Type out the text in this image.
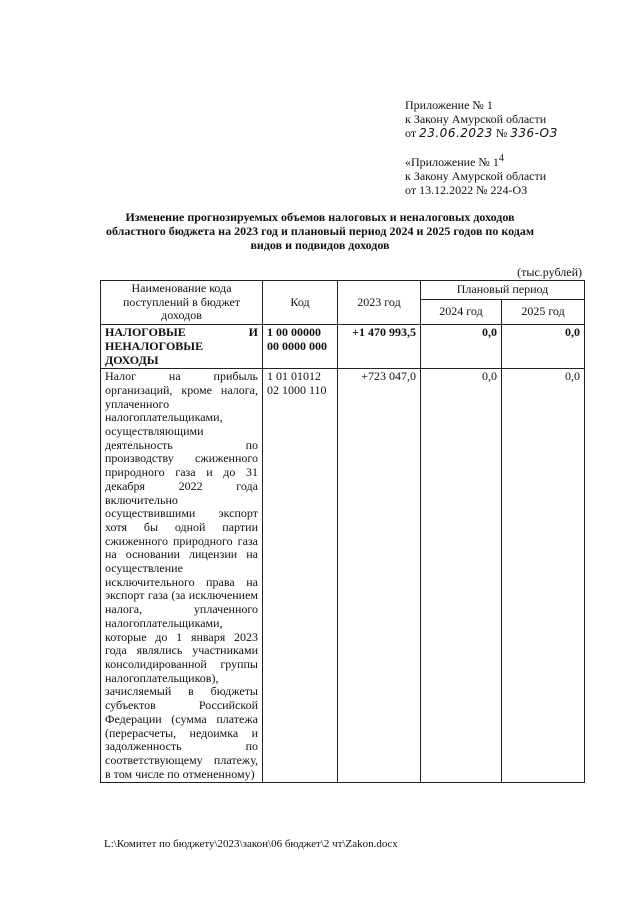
Приложение № 1
к Закону Амурской области
от 23.06.2023 № 336-ОЗ
«Приложение № $1^4$
к Закону Амурской области
от 13.12.2022 № 224-ОЗ
Изменение прогнозируемых объемов налоговых и неналоговых доходов областного бюджета на 2023 год и плановый период 2024 и 2025 годов по кодам видов и подвидов доходов
(тыс.рублей)
Наименование кода поступлений в бюджет доходов	Код	2023 год	Плановый период	
			2024 год	2025 год
НАЛОГОВЫЕ И НЕНАЛОГОВЫЕ ДОХОДЫ	1 00 00000 00 0000 000	+1 470 993,5	0,0	0,0
Налог на прибыль организаций, кроме налога, уплаченного налогоплательщиками, осуществляющими деятельность по производству сжиженного природного газа и до 31 декабря 2022 года включительно осуществившими экспорт хотя бы одной партии сжиженного природного газа на основании лицензии на осуществление исключительного права на экспорт газа (за исключением налога, уплаченного налогоплательщиками, которые до 1 января 2023 года являлись участниками консолидированной группы налогоплательщиков), зачисляемый в бюджеты субъектов Российской Федерации (сумма платежа (перерасчеты, недоимка и задолженность по соответствующему платежу, в том числе по отмененному)	1 01 01012 02 1000 110	+723 047,0	0,0	0,0
L:\Комитет по бюджету\2023\закон\06 бюджет\2 чт\Zakon.docx
